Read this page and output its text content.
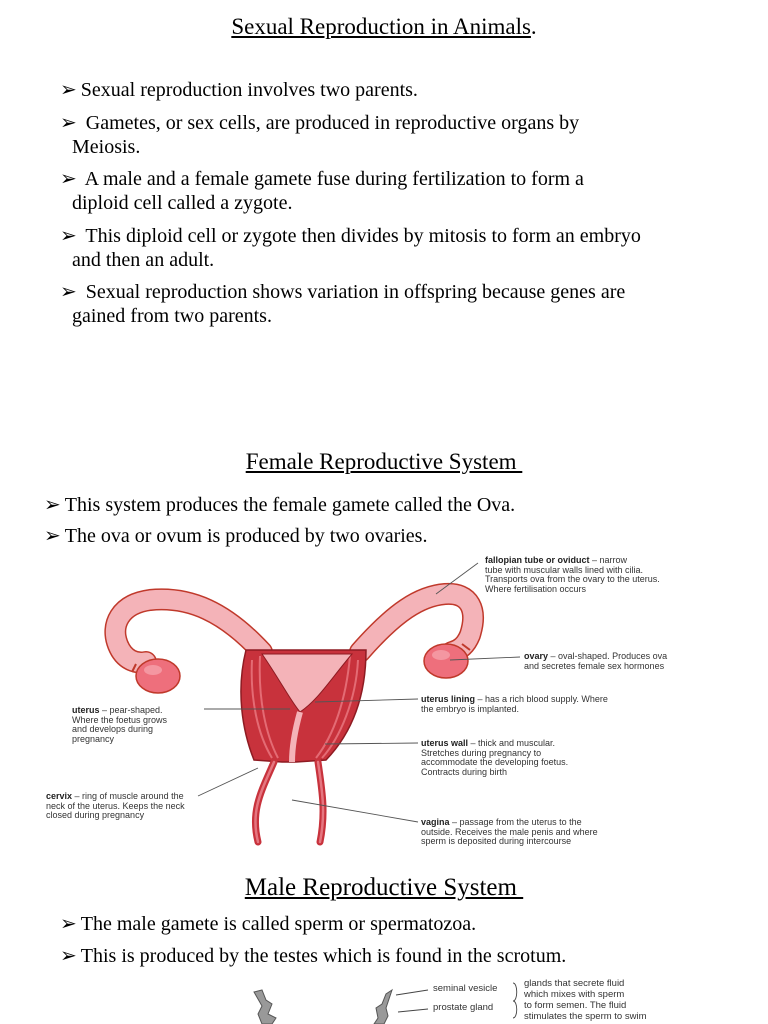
Sexual Reproduction in Animals.
➢ Sexual reproduction involves two parents.
➢ Gametes, or sex cells, are produced in reproductive organs by
Meiosis.
➢ A male and a female gamete fuse during fertilization to form a
diploid cell called a zygote.
➢ This diploid cell or zygote then divides by mitosis to form an embryo
and then an adult.
➢ Sexual reproduction shows variation in offspring because genes are
gained from two parents.
Female Reproductive System
➢ This system produces the female gamete called the Ova.
➢ The ova or ovum is produced by two ovaries.
fallopian tube or oviduct – narrow
tube with muscular walls lined with cilia.
Transports ova from the ovary to the uterus.
Where fertilisation occurs
ovary – oval-shaped. Produces ova
and secretes female sex hormones
uterus – pear-shaped.
Where the foetus grows
and develops during
pregnancy
uterus lining – has a rich blood supply. Where
the embryo is implanted.
uterus wall – thick and muscular.
Stretches during pregnancy to
accommodate the developing foetus.
Contracts during birth
cervix – ring of muscle around the
neck of the uterus. Keeps the neck
closed during pregnancy
vagina – passage from the uterus to the
outside. Receives the male penis and where
sperm is deposited during intercourse
Male Reproductive System
➢ The male gamete is called sperm or spermatozoa.
➢ This is produced by the testes which is found in the scrotum.
seminal vesicle
prostate gland
glands that secrete fluid
which mixes with sperm
to form semen. The fluid
stimulates the sperm to swim
